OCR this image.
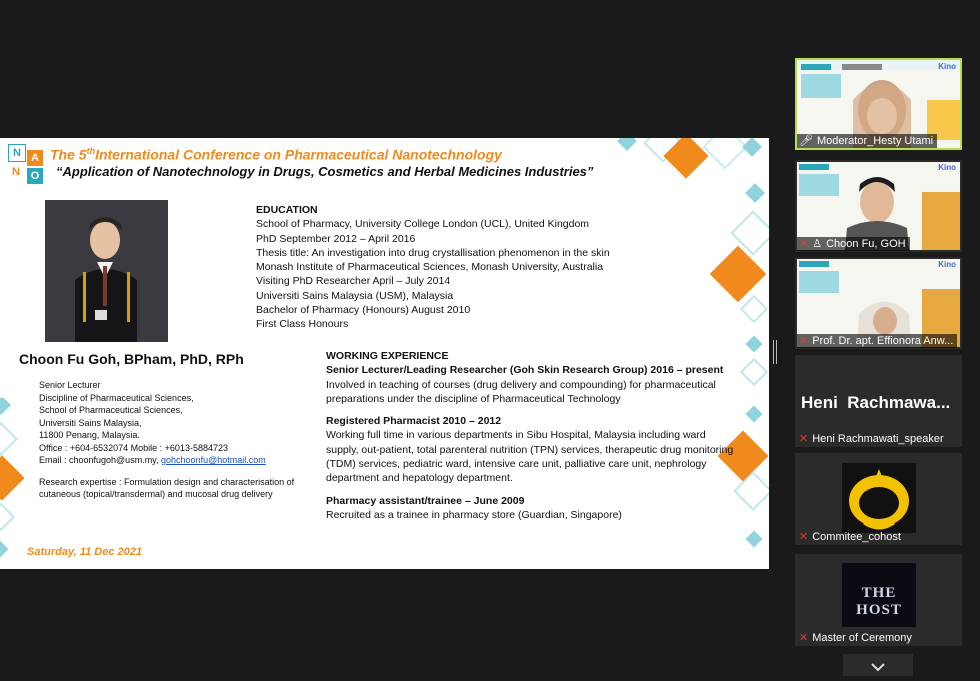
N A
N O
The 5thInternational Conference on Pharmaceutical Nanotechnology
“Application of Nanotechnology in Drugs, Cosmetics and Herbal Medicines Industries”
Choon Fu Goh, BPham, PhD, RPh
Senior Lecturer
Discipline of Pharmaceutical Sciences,
School of Pharmaceutical Sciences,
Universiti Sains Malaysia,
11800 Penang, Malaysia.
Office : +604-6532074 Mobile : +6013-5884723
Email : choonfugoh@usm.my, gohchoonfu@hotmail.com
Research expertise : Formulation design and characterisation of cutaneous (topical/transdermal) and mucosal drug delivery
Saturday, 11 Dec 2021
EDUCATION
School of Pharmacy, University College London (UCL), United Kingdom
PhD September 2012 – April 2016
Thesis title: An investigation into drug crystallisation phenomenon in the skin
Monash Institute of Pharmaceutical Sciences, Monash University, Australia
Visiting PhD Researcher April – July 2014
Universiti Sains Malaysia (USM), Malaysia
Bachelor of Pharmacy (Honours) August 2010
First Class Honours
WORKING EXPERIENCE
Senior Lecturer/Leading Researcher (Goh Skin Research Group) 2016 – present
Involved in teaching of courses (drug delivery and compounding) for pharmaceutical preparations under the discipline of Pharmaceutical Technology
Registered Pharmacist 2010 – 2012
Working full time in various departments in Sibu Hospital, Malaysia including ward supply, out-patient, total parenteral nutrition (TPN) services, therapeutic drug monitoring (TDM) services, pediatric ward, intensive care unit, palliative care unit, nephrology department and hepatology department.
Pharmacy assistant/trainee – June 2009
Recruited as a trainee in pharmacy store (Guardian, Singapore)
Kino
🎤︎ Moderator_Hesty Utami
Kino
✕ ♙ Choon Fu, GOH
Kino
✕ Prof. Dr. apt. Effionora Anw...
Heni  Rachmawa...
✕ Heni Rachmawati_speaker
✕ Commitee_cohost
THE HOST
✕ Master of Ceremony
